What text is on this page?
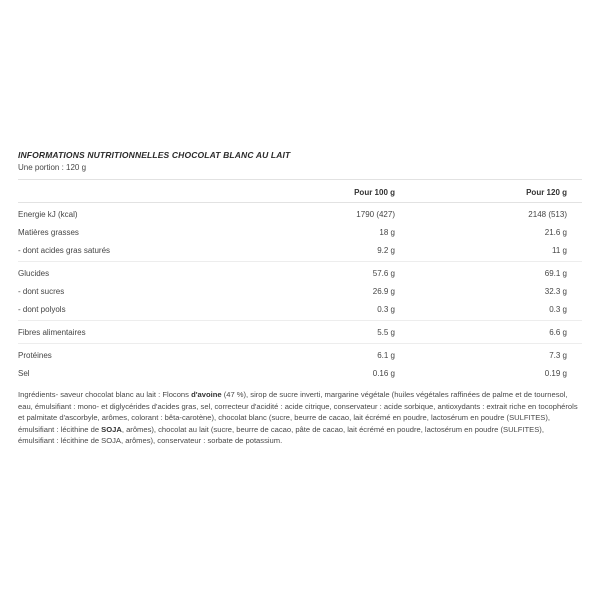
INFORMATIONS NUTRITIONNELLES CHOCOLAT BLANC AU LAIT
Une portion : 120 g
Pour 100 g	Pour 120 g
Energie kJ (kcal)	1790 (427)	2148 (513)
Matières grasses	18 g	21.6 g
- dont acides gras saturés	9.2 g	11 g
Glucides	57.6 g	69.1 g
- dont sucres	26.9 g	32.3 g
- dont polyols	0.3 g	0.3 g
Fibres alimentaires	5.5 g	6.6 g
Protéines	6.1 g	7.3 g
Sel	0.16 g	0.19 g

Ingrédients- saveur chocolat blanc au lait : Flocons d'avoine (47 %), sirop de sucre inverti, margarine végétale (huiles végétales raffinées de palme et de tournesol, eau, émulsifiant : mono- et diglycérides d'acides gras, sel, correcteur d'acidité : acide citrique, conservateur : acide sorbique, antioxydants : extrait riche en tocophérols et palmitate d'ascorbyle, arômes, colorant : bêta-carotène), chocolat blanc (sucre, beurre de cacao, lait écrémé en poudre, lactosérum en poudre (SULFITES), émulsifiant : lécithine de SOJA, arômes), chocolat au lait (sucre, beurre de cacao, pâte de cacao, lait écrémé en poudre, lactosérum en poudre (SULFITES), émulsifiant : lécithine de SOJA, arômes), conservateur : sorbate de potassium.
